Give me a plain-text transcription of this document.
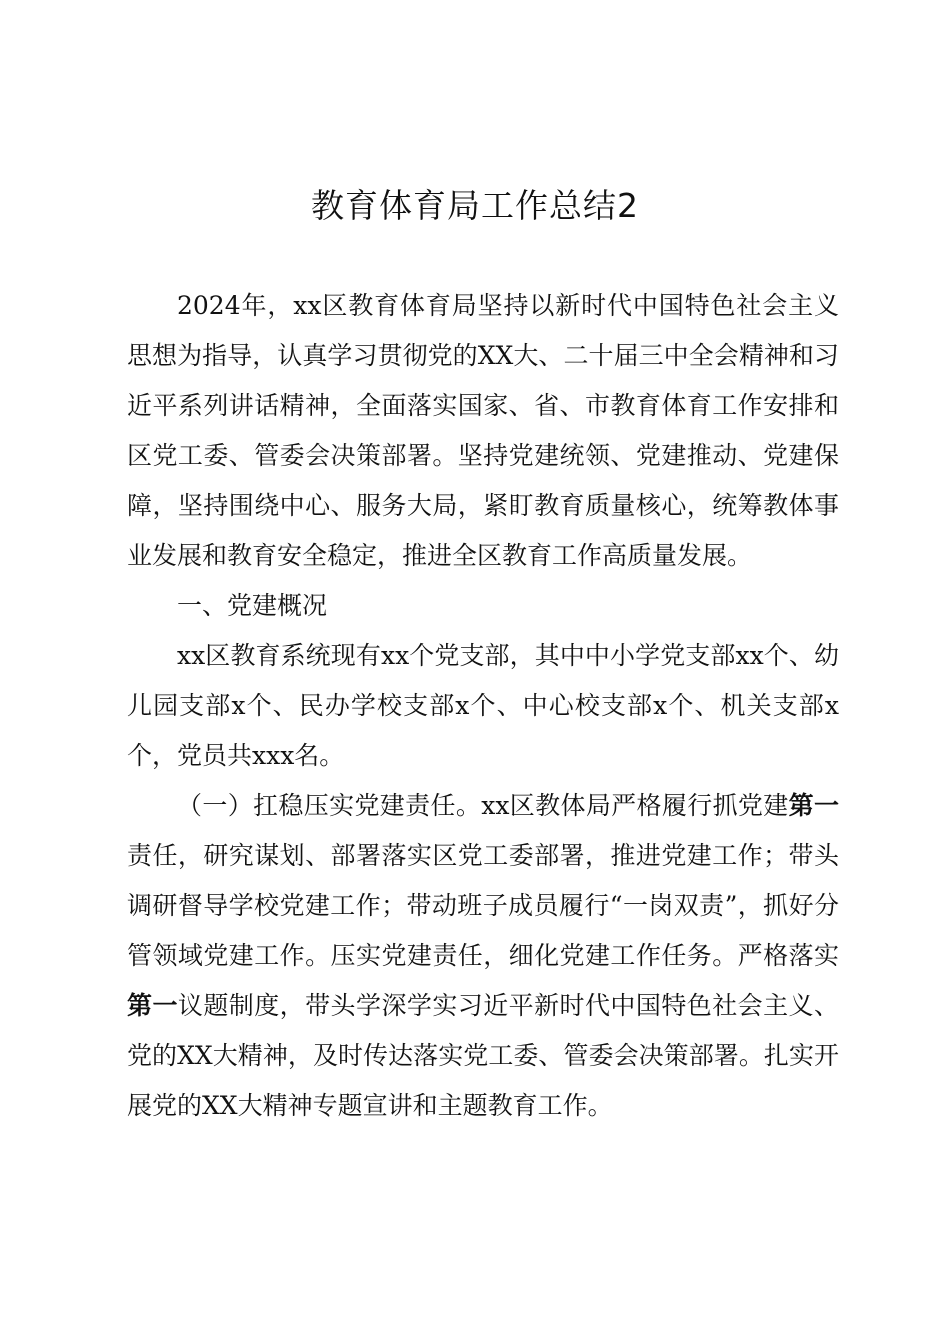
教育体育局工作总结2

2024年，xx区教育体育局坚持以新时代中国特色社会主义思想为指导，认真学习贯彻党的XX大、二十届三中全会精神和习近平系列讲话精神，全面落实国家、省、市教育体育工作安排和区党工委、管委会决策部署。坚持党建统领、党建推动、党建保障，坚持围绕中心、服务大局，紧盯教育质量核心，统筹教体事业发展和教育安全稳定，推进全区教育工作高质量发展。

一、党建概况

xx区教育系统现有xx个党支部，其中中小学党支部xx个、幼儿园支部x个、民办学校支部x个、中心校支部x个、机关支部x个，党员共xxx名。

（一）扛稳压实党建责任。xx区教体局严格履行抓党建第一责任，研究谋划、部署落实区党工委部署，推进党建工作；带头调研督导学校党建工作；带动班子成员履行“一岗双责”，抓好分管领域党建工作。压实党建责任，细化党建工作任务。严格落实第一议题制度，带头学深学实习近平新时代中国特色社会主义、党的XX大精神，及时传达落实党工委、管委会决策部署。扎实开展党的XX大精神专题宣讲和主题教育工作。
